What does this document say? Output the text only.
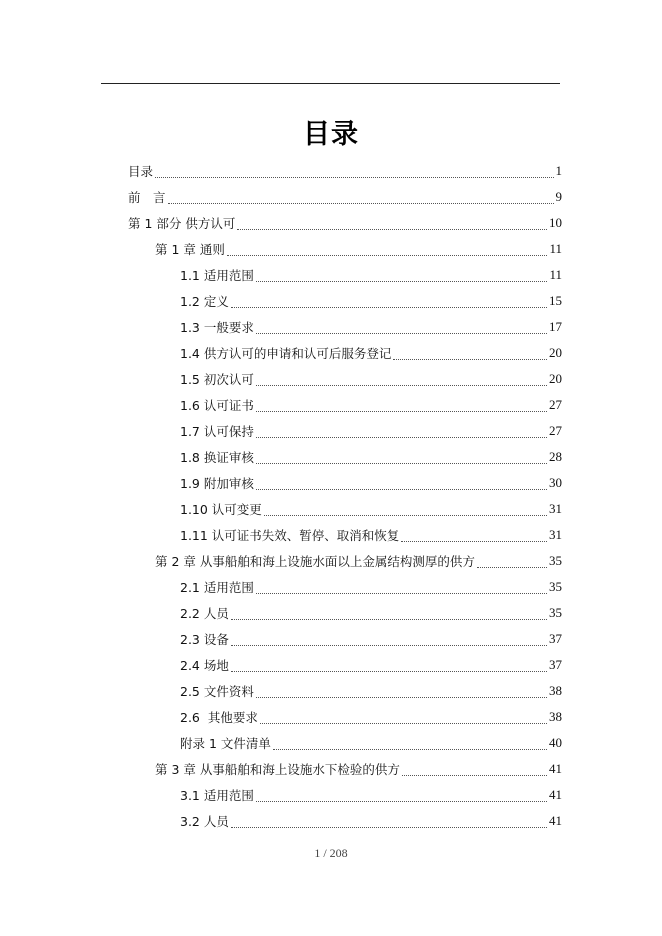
目录
目录	1
前　言	9
第 1 部分 供方认可	10
第 1 章 通则	11
1.1 适用范围	11
1.2 定义	15
1.3 一般要求	17
1.4 供方认可的申请和认可后服务登记	20
1.5 初次认可	20
1.6 认可证书	27
1.7 认可保持	27
1.8 换证审核	28
1.9 附加审核	30
1.10 认可变更	31
1.11 认可证书失效、暂停、取消和恢复	31
第 2 章 从事船舶和海上设施水面以上金属结构测厚的供方	35
2.1 适用范围	35
2.2 人员	35
2.3 设备	37
2.4 场地	37
2.5 文件资料	38
2.6  其他要求	38
附录 1 文件清单	40
第 3 章 从事船舶和海上设施水下检验的供方	41
3.1 适用范围	41
3.2 人员	41
1 / 208
